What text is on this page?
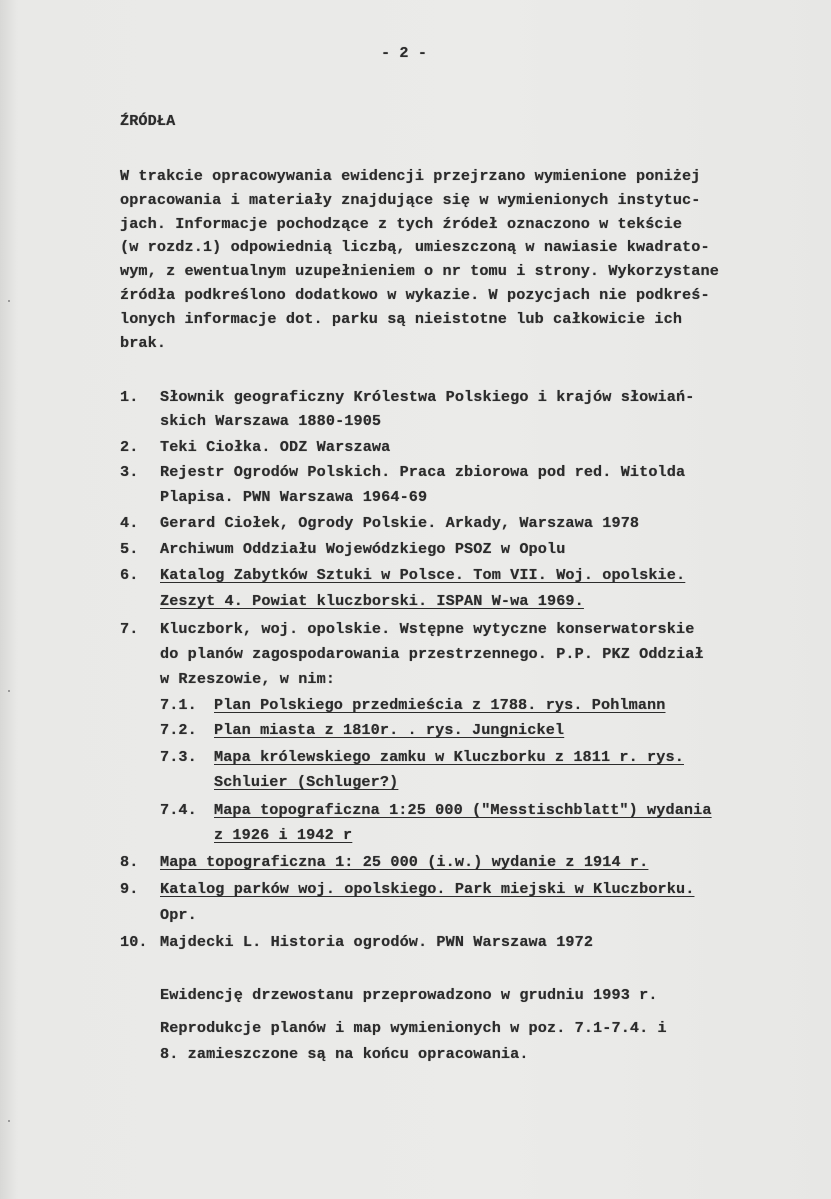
- 2 -
ŹRÓDŁA
W trakcie opracowywania ewidencji przejrzano wymienione poniżej
opracowania i materiały znajdujące się w wymienionych instytuc-
jach. Informacje pochodzące z tych źródeł oznaczono w tekście
(w rozdz.1) odpowiednią liczbą, umieszczoną w nawiasie kwadrato-
wym, z ewentualnym uzupełnieniem o nr tomu i strony. Wykorzystane
źródła podkreślono dodatkowo w wykazie. W pozycjach nie podkreś-
lonych informacje dot. parku są nieistotne lub całkowicie ich
brak.
1. Słownik geograficzny Królestwa Polskiego i krajów słowiań-
skich Warszawa 1880-1905
2. Teki Ciołka. ODZ Warszawa
3. Rejestr Ogrodów Polskich. Praca zbiorowa pod red. Witolda
Plapisa. PWN Warszawa 1964-69
4. Gerard Ciołek, Ogrody Polskie. Arkady, Warszawa 1978
5. Archiwum Oddziału Wojewódzkiego PSOZ w Opolu
6. Katalog Zabytków Sztuki w Polsce. Tom VII. Woj. opolskie.
Zeszyt 4. Powiat kluczborski. ISPAN W-wa 1969.
7. Kluczbork, woj. opolskie. Wstępne wytyczne konserwatorskie
do planów zagospodarowania przestrzennego. P.P. PKZ Oddział
w Rzeszowie, w nim:
7.1. Plan Polskiego przedmieścia z 1788. rys. Pohlmann
7.2. Plan miasta z 1810r. . rys. Jungnickel
7.3. Mapa królewskiego zamku w Kluczborku z 1811 r. rys.
Schluier (Schluger?)
7.4. Mapa topograficzna 1:25 000 ("Messtischblatt") wydania
z 1926 i 1942 r
8. Mapa topograficzna 1: 25 000 (i.w.) wydanie z 1914 r.
9. Katalog parków woj. opolskiego. Park miejski w Kluczborku.
Opr.
10. Majdecki L. Historia ogrodów. PWN Warszawa 1972
Ewidencję drzewostanu przeprowadzono w grudniu 1993 r.
Reprodukcje planów i map wymienionych w poz. 7.1-7.4. i
8. zamieszczone są na końcu opracowania.
